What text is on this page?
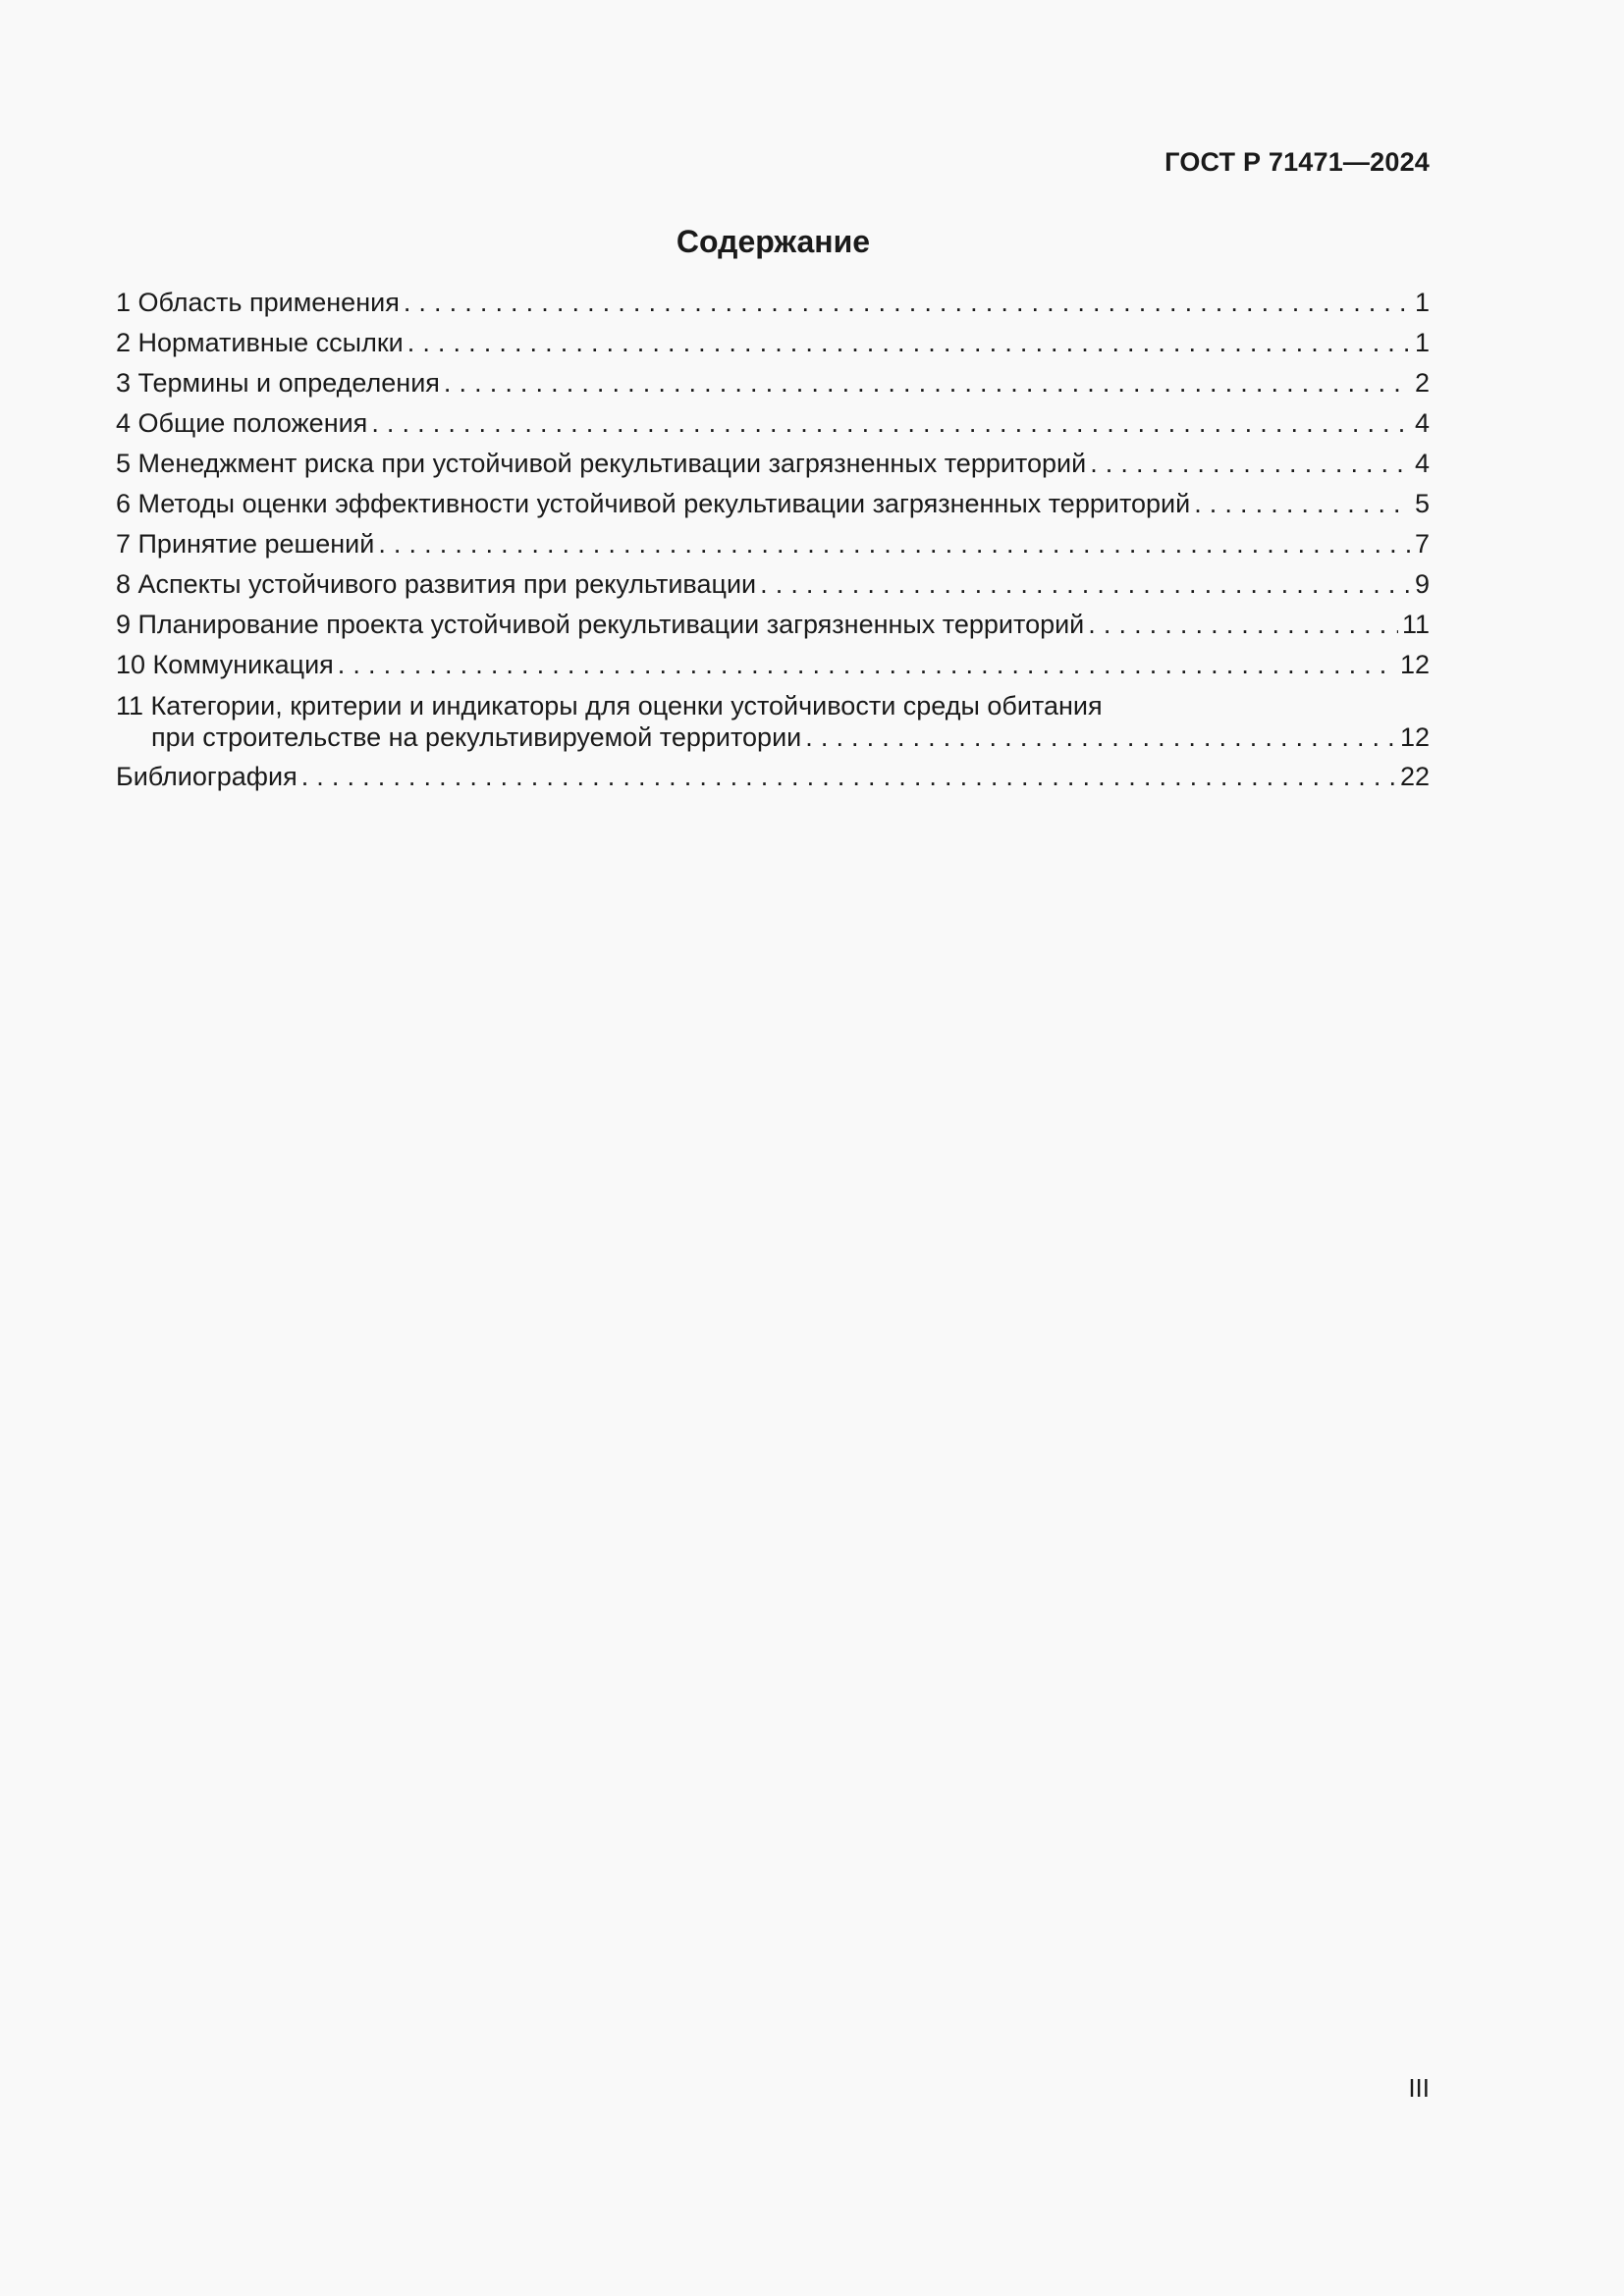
ГОСТ Р 71471—2024
Содержание
1 Область применения . . .	1
2 Нормативные ссылки . . .	1
3 Термины и определения . . .	2
4 Общие положения . . .	4
5 Менеджмент риска при устойчивой рекультивации загрязненных территорий . . .	4
6 Методы оценки эффективности устойчивой рекультивации загрязненных территорий . . .	5
7 Принятие решений . . .	7
8 Аспекты устойчивого развития при рекультивации . . .	9
9 Планирование проекта устойчивой рекультивации загрязненных территорий . . .	11
10 Коммуникация . . .	12
11 Категории, критерии и индикаторы для оценки устойчивости среды обитания
при строительстве на рекультивируемой территории . . .	12
Библиография . . .	22
III
